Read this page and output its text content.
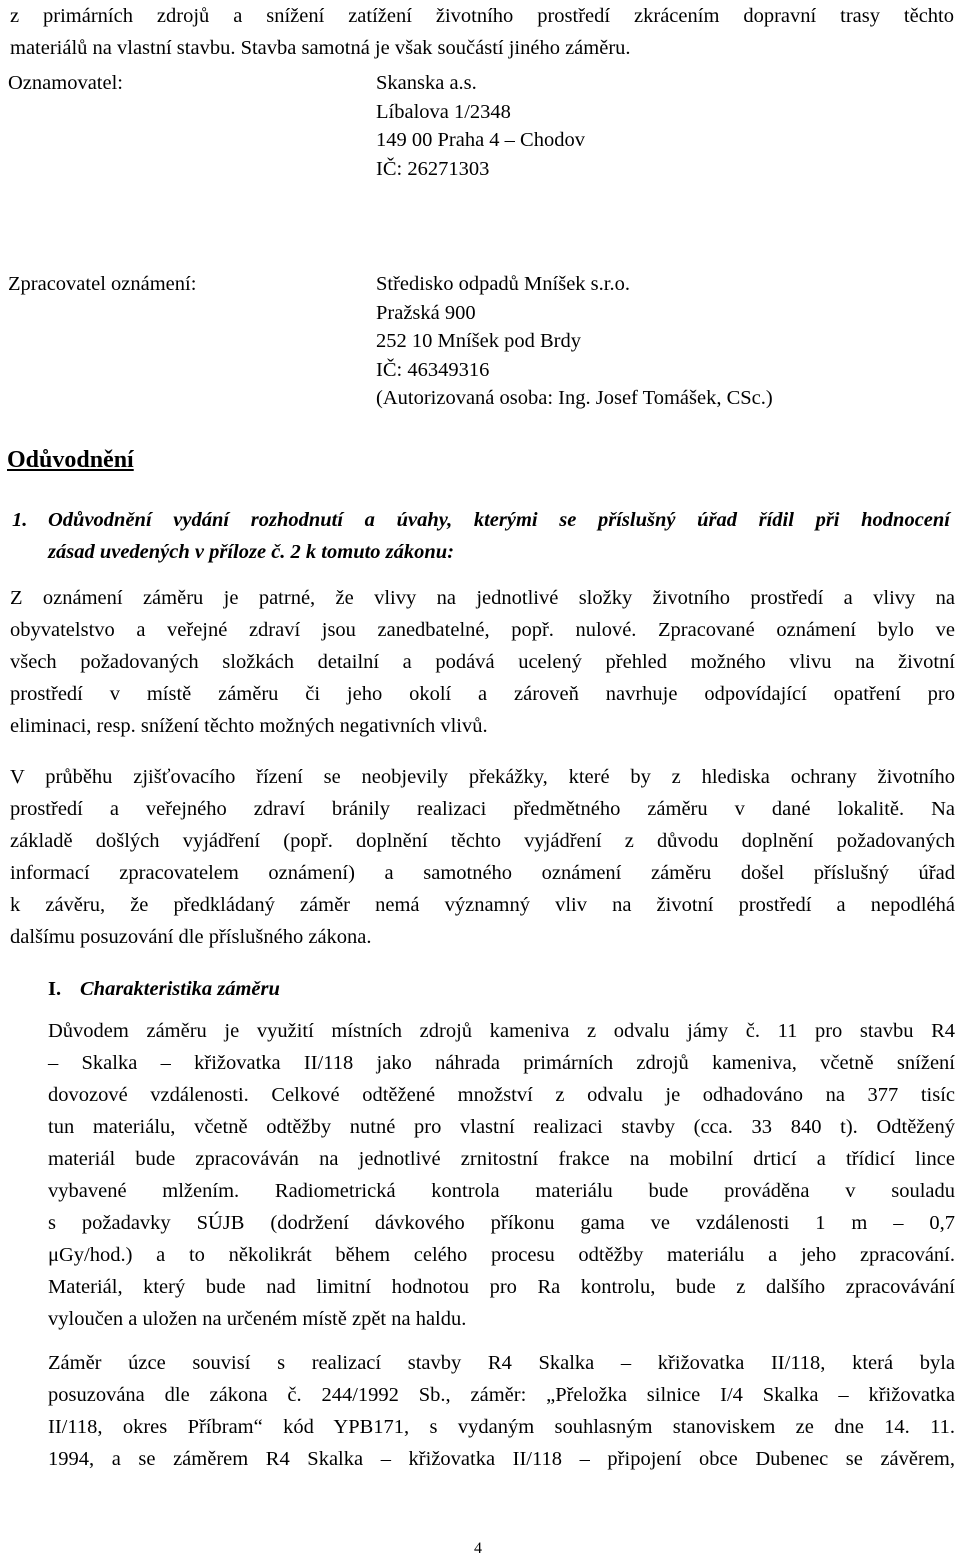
z primárních zdrojů a snížení zatížení životního prostředí zkrácením dopravní trasy těchto

materiálů na vlastní stavbu. Stavba samotná je však součástí jiného záměru.

Oznamovatel:	Skanska a.s.

Líbalova 1/2348

149 00 Praha 4 – Chodov

IČ: 26271303

Zpracovatel oznámení:	Středisko odpadů Mníšek s.r.o.

Pražská 900

252 10 Mníšek pod Brdy

IČ: 46349316

(Autorizovaná osoba: Ing. Josef Tomášek, CSc.)

Odůvodnění
1. Odůvodnění vydání rozhodnutí a úvahy, kterými se příslušný úřad řídil při hodnocení

zásad uvedených v příloze č. 2 k tomuto zákonu:

Z oznámení záměru je patrné, že vlivy na jednotlivé složky životního prostředí a vlivy na

obyvatelstvo a veřejné zdraví jsou zanedbatelné, popř. nulové. Zpracované oznámení bylo ve

všech požadovaných složkách detailní a podává ucelený přehled možného vlivu na životní

prostředí v místě záměru či jeho okolí a zároveň navrhuje odpovídající opatření pro

eliminaci, resp. snížení těchto možných negativních vlivů.

V průběhu zjišťovacího řízení se neobjevily překážky, které by z hlediska ochrany životního

prostředí a veřejného zdraví bránily realizaci předmětného záměru v dané lokalitě. Na

základě došlých vyjádření (popř. doplnění těchto vyjádření z důvodu doplnění požadovaných

informací zpracovatelem oznámení) a samotného oznámení záměru došel příslušný úřad

k závěru, že předkládaný záměr nemá významný vliv na životní prostředí a nepodléhá

dalšímu posuzování dle příslušného zákona.

I. Charakteristika záměru

Důvodem záměru je využití místních zdrojů kameniva z odvalu jámy č. 11 pro stavbu R4

– Skalka – křižovatka II/118 jako náhrada primárních zdrojů kameniva, včetně snížení

dovozové vzdálenosti. Celkové odtěžené množství z odvalu je odhadováno na 377 tisíc

tun materiálu, včetně odtěžby nutné pro vlastní realizaci stavby (cca. 33 840 t). Odtěžený

materiál bude zpracováván na jednotlivé zrnitostní frakce na mobilní drticí a třídicí lince

vybavené mlžením. Radiometrická kontrola materiálu bude prováděna v souladu

s požadavky SÚJB (dodržení dávkového příkonu gama ve vzdálenosti 1 m – 0,7

μGy/hod.) a to několikrát během celého procesu odtěžby materiálu a jeho zpracování.

Materiál, který bude nad limitní hodnotou pro Ra kontrolu, bude z dalšího zpracovávání

vyloučen a uložen na určeném místě zpět na haldu.

Záměr úzce souvisí s realizací stavby R4 Skalka – křižovatka II/118, která byla

posuzována dle zákona č. 244/1992 Sb., záměr: „Přeložka silnice I/4 Skalka – křižovatka

II/118, okres Příbram“ kód YPB171, s vydaným souhlasným stanoviskem ze dne 14. 11.

1994, a se záměrem R4 Skalka – křižovatka II/118 – připojení obce Dubenec se závěrem,

4
